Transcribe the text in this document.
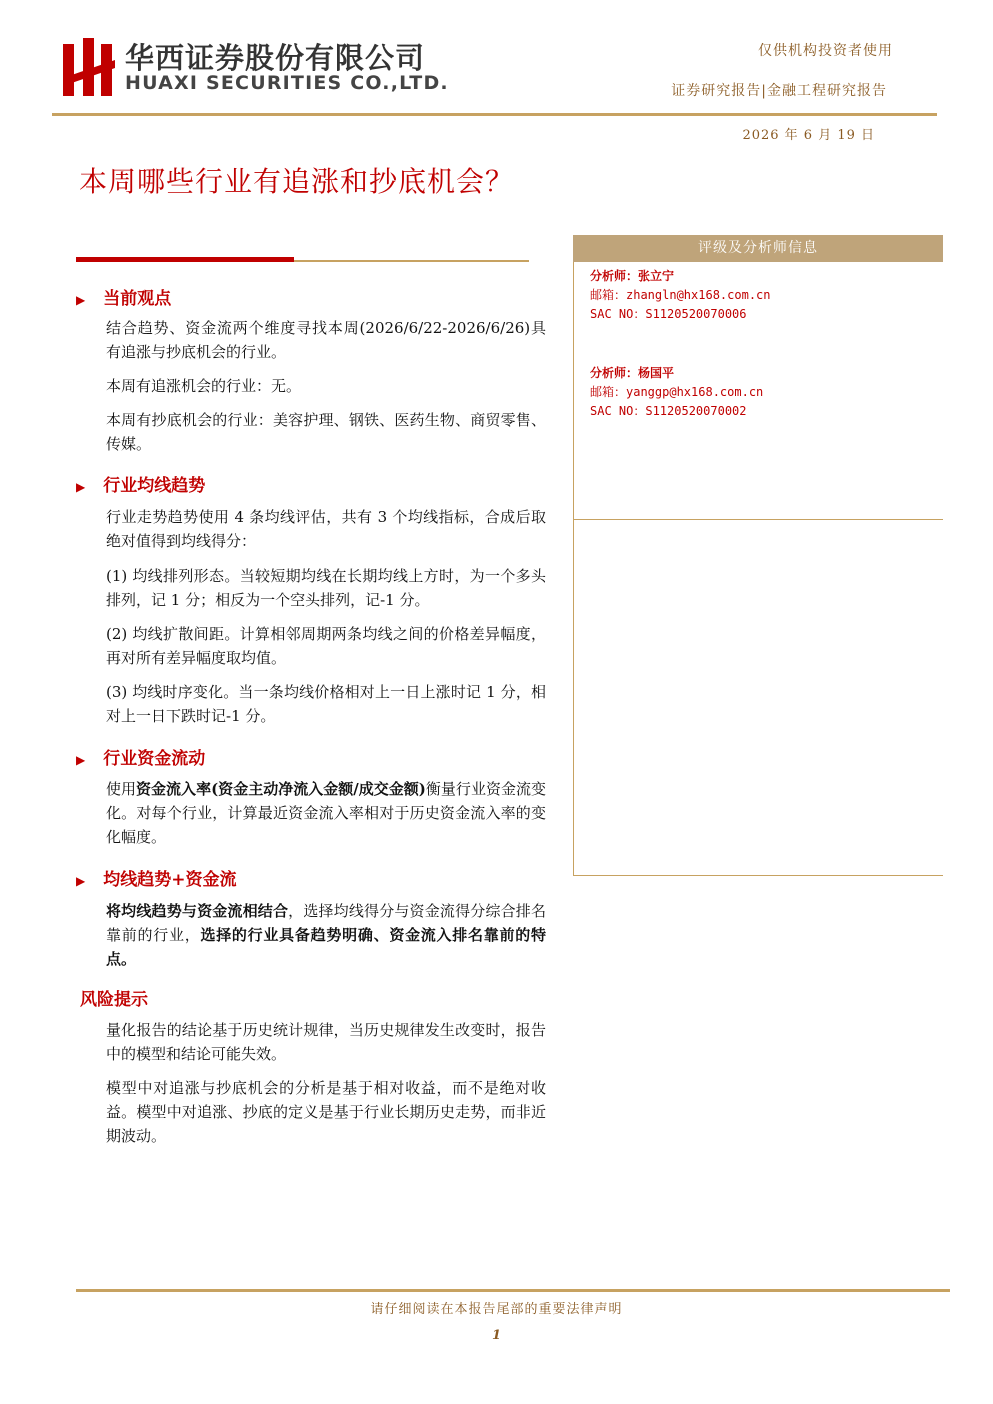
华西证券股份有限公司
HUAXI SECURITIES CO.,LTD.
仅供机构投资者使用
证券研究报告|金融工程研究报告
2026 年 6 月 19 日
本周哪些行业有追涨和抄底机会？
▶ 当前观点
结合趋势、资金流两个维度寻找本周(2026/6/22-2026/6/26)具有追涨与抄底机会的行业。
本周有追涨机会的行业：无。
本周有抄底机会的行业：美容护理、钢铁、医药生物、商贸零售、传媒。
▶ 行业均线趋势
行业走势趋势使用 4 条均线评估，共有 3 个均线指标，合成后取绝对值得到均线得分：
(1) 均线排列形态。当较短期均线在长期均线上方时，为一个多头排列，记 1 分；相反为一个空头排列，记-1 分。
(2) 均线扩散间距。计算相邻周期两条均线之间的价格差异幅度，再对所有差异幅度取均值。
(3) 均线时序变化。当一条均线价格相对上一日上涨时记 1 分，相对上一日下跌时记-1 分。
▶ 行业资金流动
使用资金流入率(资金主动净流入金额/成交金额)衡量行业资金流变化。对每个行业，计算最近资金流入率相对于历史资金流入率的变化幅度。
▶ 均线趋势+资金流
将均线趋势与资金流相结合，选择均线得分与资金流得分综合排名靠前的行业，选择的行业具备趋势明确、资金流入排名靠前的特点。
风险提示
量化报告的结论基于历史统计规律，当历史规律发生改变时，报告中的模型和结论可能失效。
模型中对追涨与抄底机会的分析是基于相对收益，而不是绝对收益。模型中对追涨、抄底的定义是基于行业长期历史走势，而非近期波动。
评级及分析师信息
分析师：张立宁
邮箱：zhangln@hx168.com.cn
SAC NO：S1120520070006
分析师：杨国平
邮箱：yanggp@hx168.com.cn
SAC NO：S1120520070002
请仔细阅读在本报告尾部的重要法律声明
1
